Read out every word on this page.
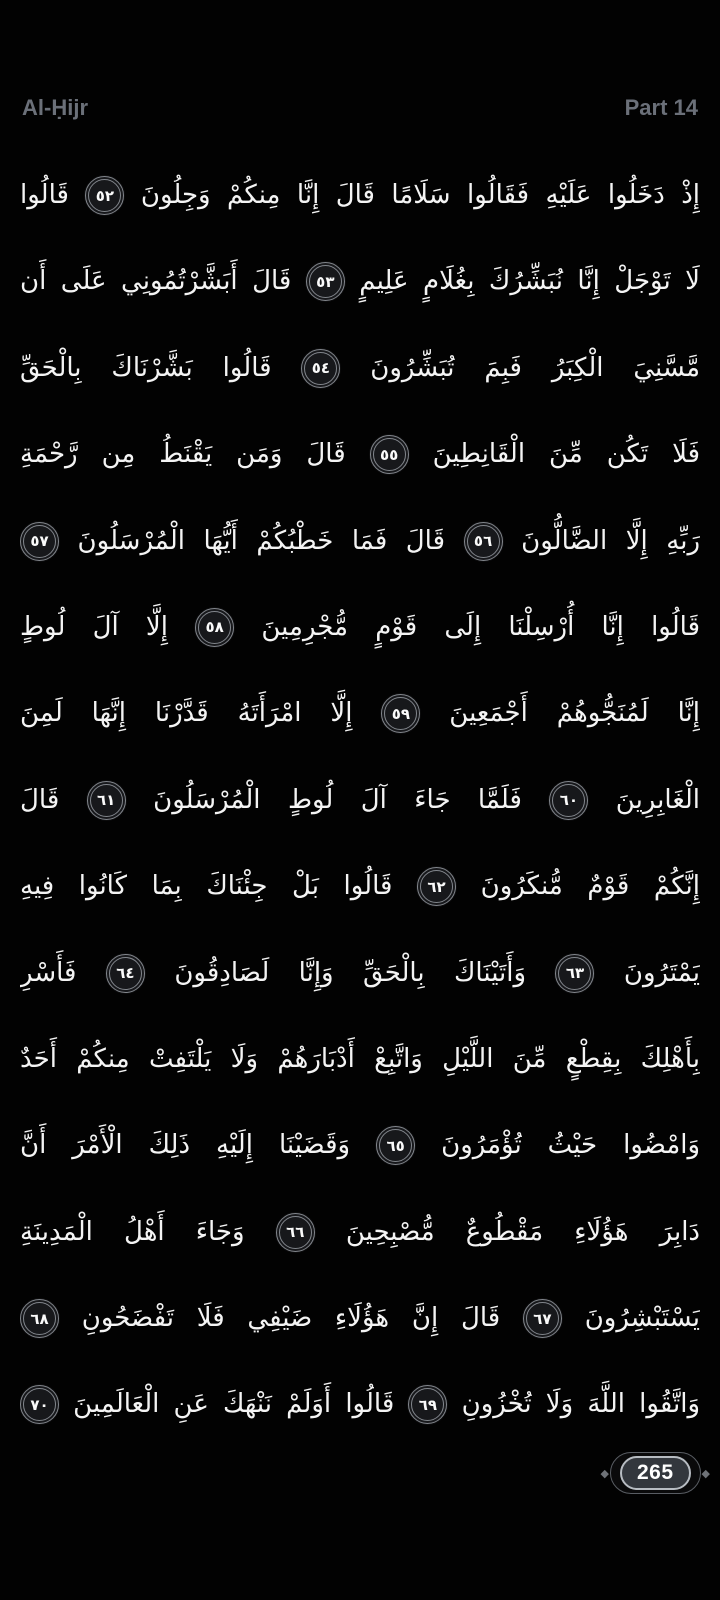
Al-Ḥijr	Part 14
إِذْ دَخَلُوا عَلَيْهِ فَقَالُوا سَلَامًا قَالَ إِنَّا مِنكُمْ وَجِلُونَ ٥٢ قَالُوا
لَا تَوْجَلْ إِنَّا نُبَشِّرُكَ بِغُلَامٍ عَلِيمٍ ٥٣ قَالَ أَبَشَّرْتُمُونِي عَلَى أَن
مَّسَّنِيَ الْكِبَرُ فَبِمَ تُبَشِّرُونَ ٥٤ قَالُوا بَشَّرْنَاكَ بِالْحَقِّ
فَلَا تَكُن مِّنَ الْقَانِطِينَ ٥٥ قَالَ وَمَن يَقْنَطُ مِن رَّحْمَةِ
رَبِّهِ إِلَّا الضَّالُّونَ ٥٦ قَالَ فَمَا خَطْبُكُمْ أَيُّهَا الْمُرْسَلُونَ ٥٧
قَالُوا إِنَّا أُرْسِلْنَا إِلَى قَوْمٍ مُّجْرِمِينَ ٥٨ إِلَّا آلَ لُوطٍ
إِنَّا لَمُنَجُّوهُمْ أَجْمَعِينَ ٥٩ إِلَّا امْرَأَتَهُ قَدَّرْنَا إِنَّهَا لَمِنَ
الْغَابِرِينَ ٦٠ فَلَمَّا جَاءَ آلَ لُوطٍ الْمُرْسَلُونَ ٦١ قَالَ
إِنَّكُمْ قَوْمٌ مُّنكَرُونَ ٦٢ قَالُوا بَلْ جِئْنَاكَ بِمَا كَانُوا فِيهِ
يَمْتَرُونَ ٦٣ وَأَتَيْنَاكَ بِالْحَقِّ وَإِنَّا لَصَادِقُونَ ٦٤ فَأَسْرِ
بِأَهْلِكَ بِقِطْعٍ مِّنَ اللَّيْلِ وَاتَّبِعْ أَدْبَارَهُمْ وَلَا يَلْتَفِتْ مِنكُمْ أَحَدٌ
وَامْضُوا حَيْثُ تُؤْمَرُونَ ٦٥ وَقَضَيْنَا إِلَيْهِ ذَلِكَ الْأَمْرَ أَنَّ
دَابِرَ هَؤُلَاءِ مَقْطُوعٌ مُّصْبِحِينَ ٦٦ وَجَاءَ أَهْلُ الْمَدِينَةِ
يَسْتَبْشِرُونَ ٦٧ قَالَ إِنَّ هَؤُلَاءِ ضَيْفِي فَلَا تَفْضَحُونِ ٦٨
وَاتَّقُوا اللَّهَ وَلَا تُخْزُونِ ٦٩ قَالُوا أَوَلَمْ نَنْهَكَ عَنِ الْعَالَمِينَ ٧٠
◆	265	◆
